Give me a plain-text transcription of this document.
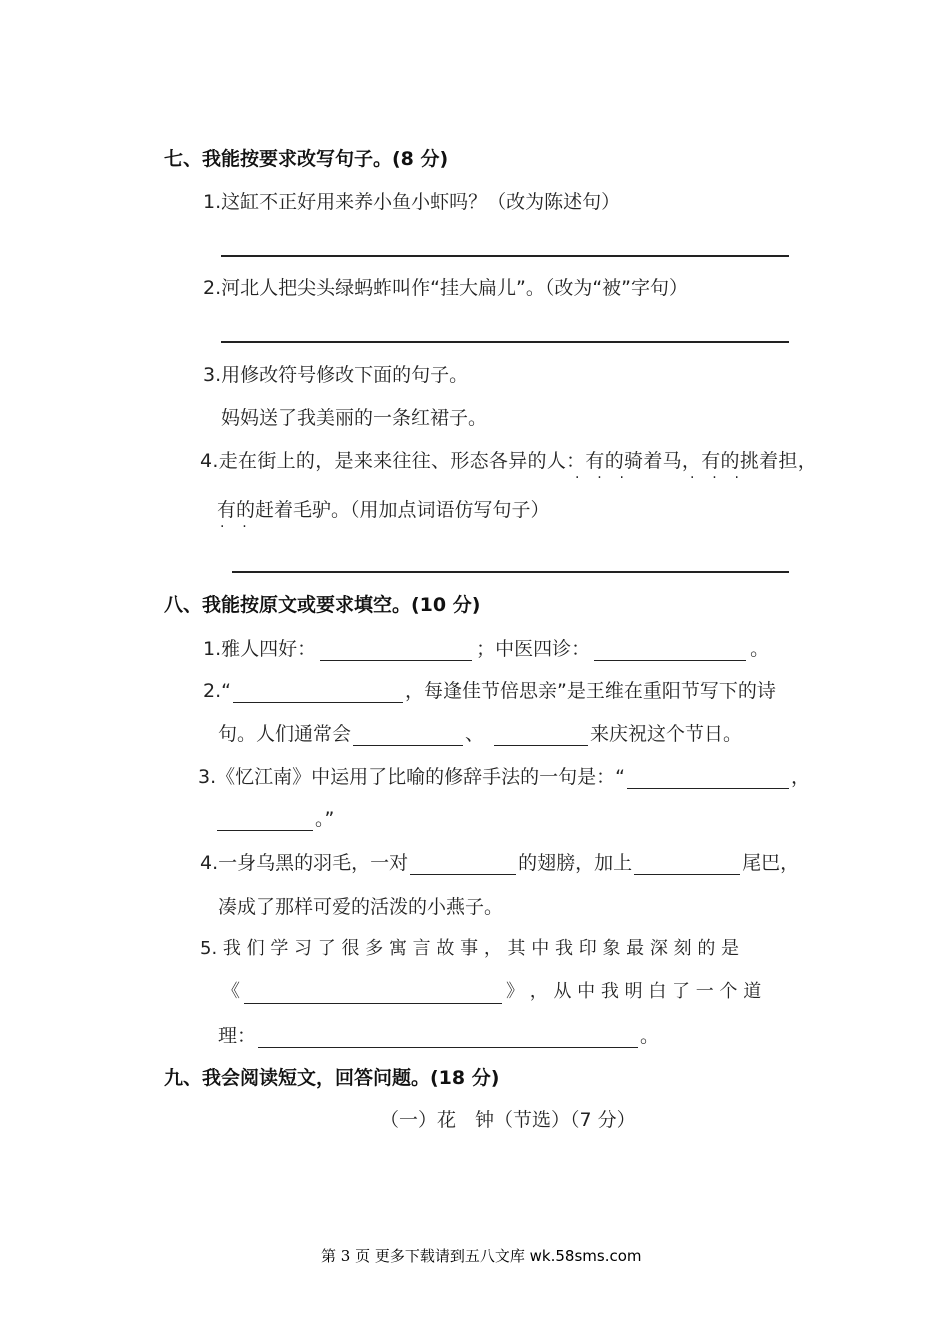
七、我能按要求改写句子。(8 分)
1.这缸不正好用来养小鱼小虾吗？（改为陈述句）
2.河北人把尖头绿蚂蚱叫作“挂大扁儿”。（改为“被”字句）
3.用修改符号修改下面的句子。
妈妈送了我美丽的一条红裙子。
4.走在街上的，是来来往往、形态各异的人：有的骑着马，有的挑着担，
·    ·    ·	·    ·    ·
有的赶着毛驴。（用加点词语仿写句子）
·    ·
八、我能按原文或要求填空。(10 分)
1.雅人四好：	；中医四诊：	。
2.“	，每逢佳节倍思亲”是王维在重阳节写下的诗
句。人们通常会	、	来庆祝这个节日。
3.《忆江南》中运用了比喻的修辞手法的一句是：“	，
。”
4.一身乌黑的羽毛，一对	的翅膀，加上	尾巴，
凑成了那样可爱的活泼的小燕子。
5. 我 们 学 习 了 很 多 寓 言 故 事 ， 其 中 我 印 象 最 深 刻 的 是
《	》 ， 从 中 我 明 白 了 一 个 道
理：	。
九、我会阅读短文，回答问题。(18 分)
（一）花　钟（节选）（7 分）
第 3 页 更多下载请到五八文库 wk.58sms.com
